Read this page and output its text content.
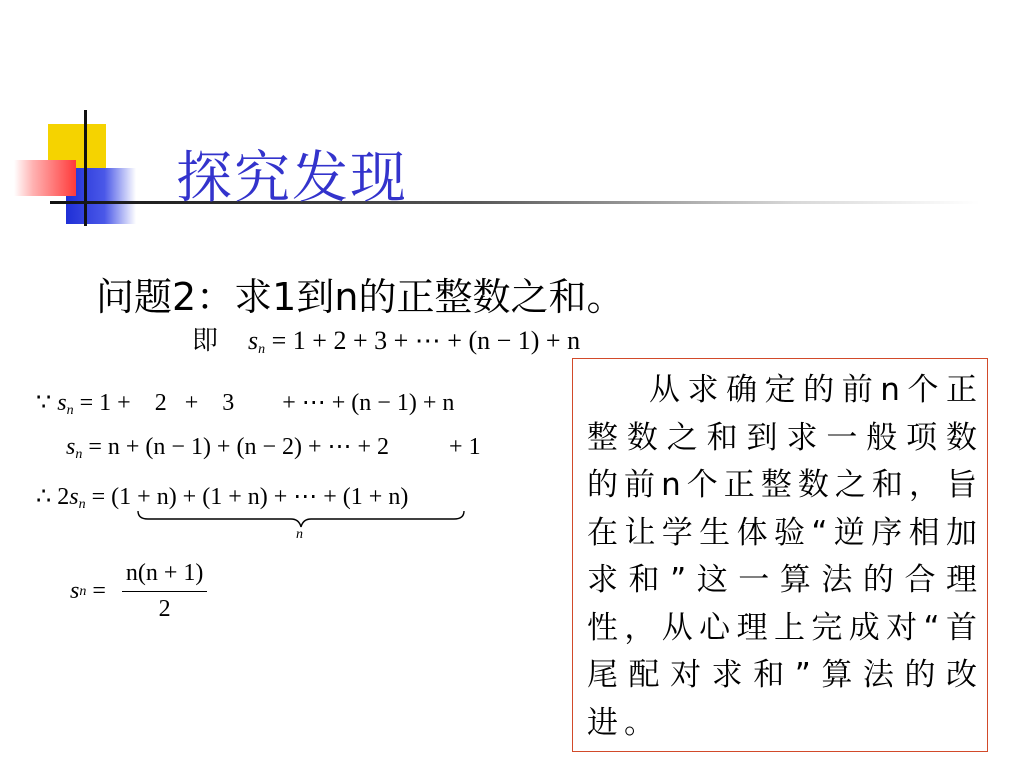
探究发现
问题2：求1到n的正整数之和。
即 $s_n = 1 + 2 + 3$ + ⋯ + (n − 1) + n
∵ $s_n = 1$ +    2   +    3        + ⋯ + (n − 1) + n
$s_n = n + (n - 1) + (n - 2)$ + ⋯ + 2          + 1
∴ $2s_n = (1 + n) + (1 + n)$ + ⋯ + (1 + n)
n
s $n = \frac{n(n + 1)}{2}$
从求确定的前n个正整数之和到求一般项数的前n个正整数之和，旨在让学生体验“逆序相加求和”这一算法的合理性，从心理上完成对“首尾配对求和”算法的改进。
